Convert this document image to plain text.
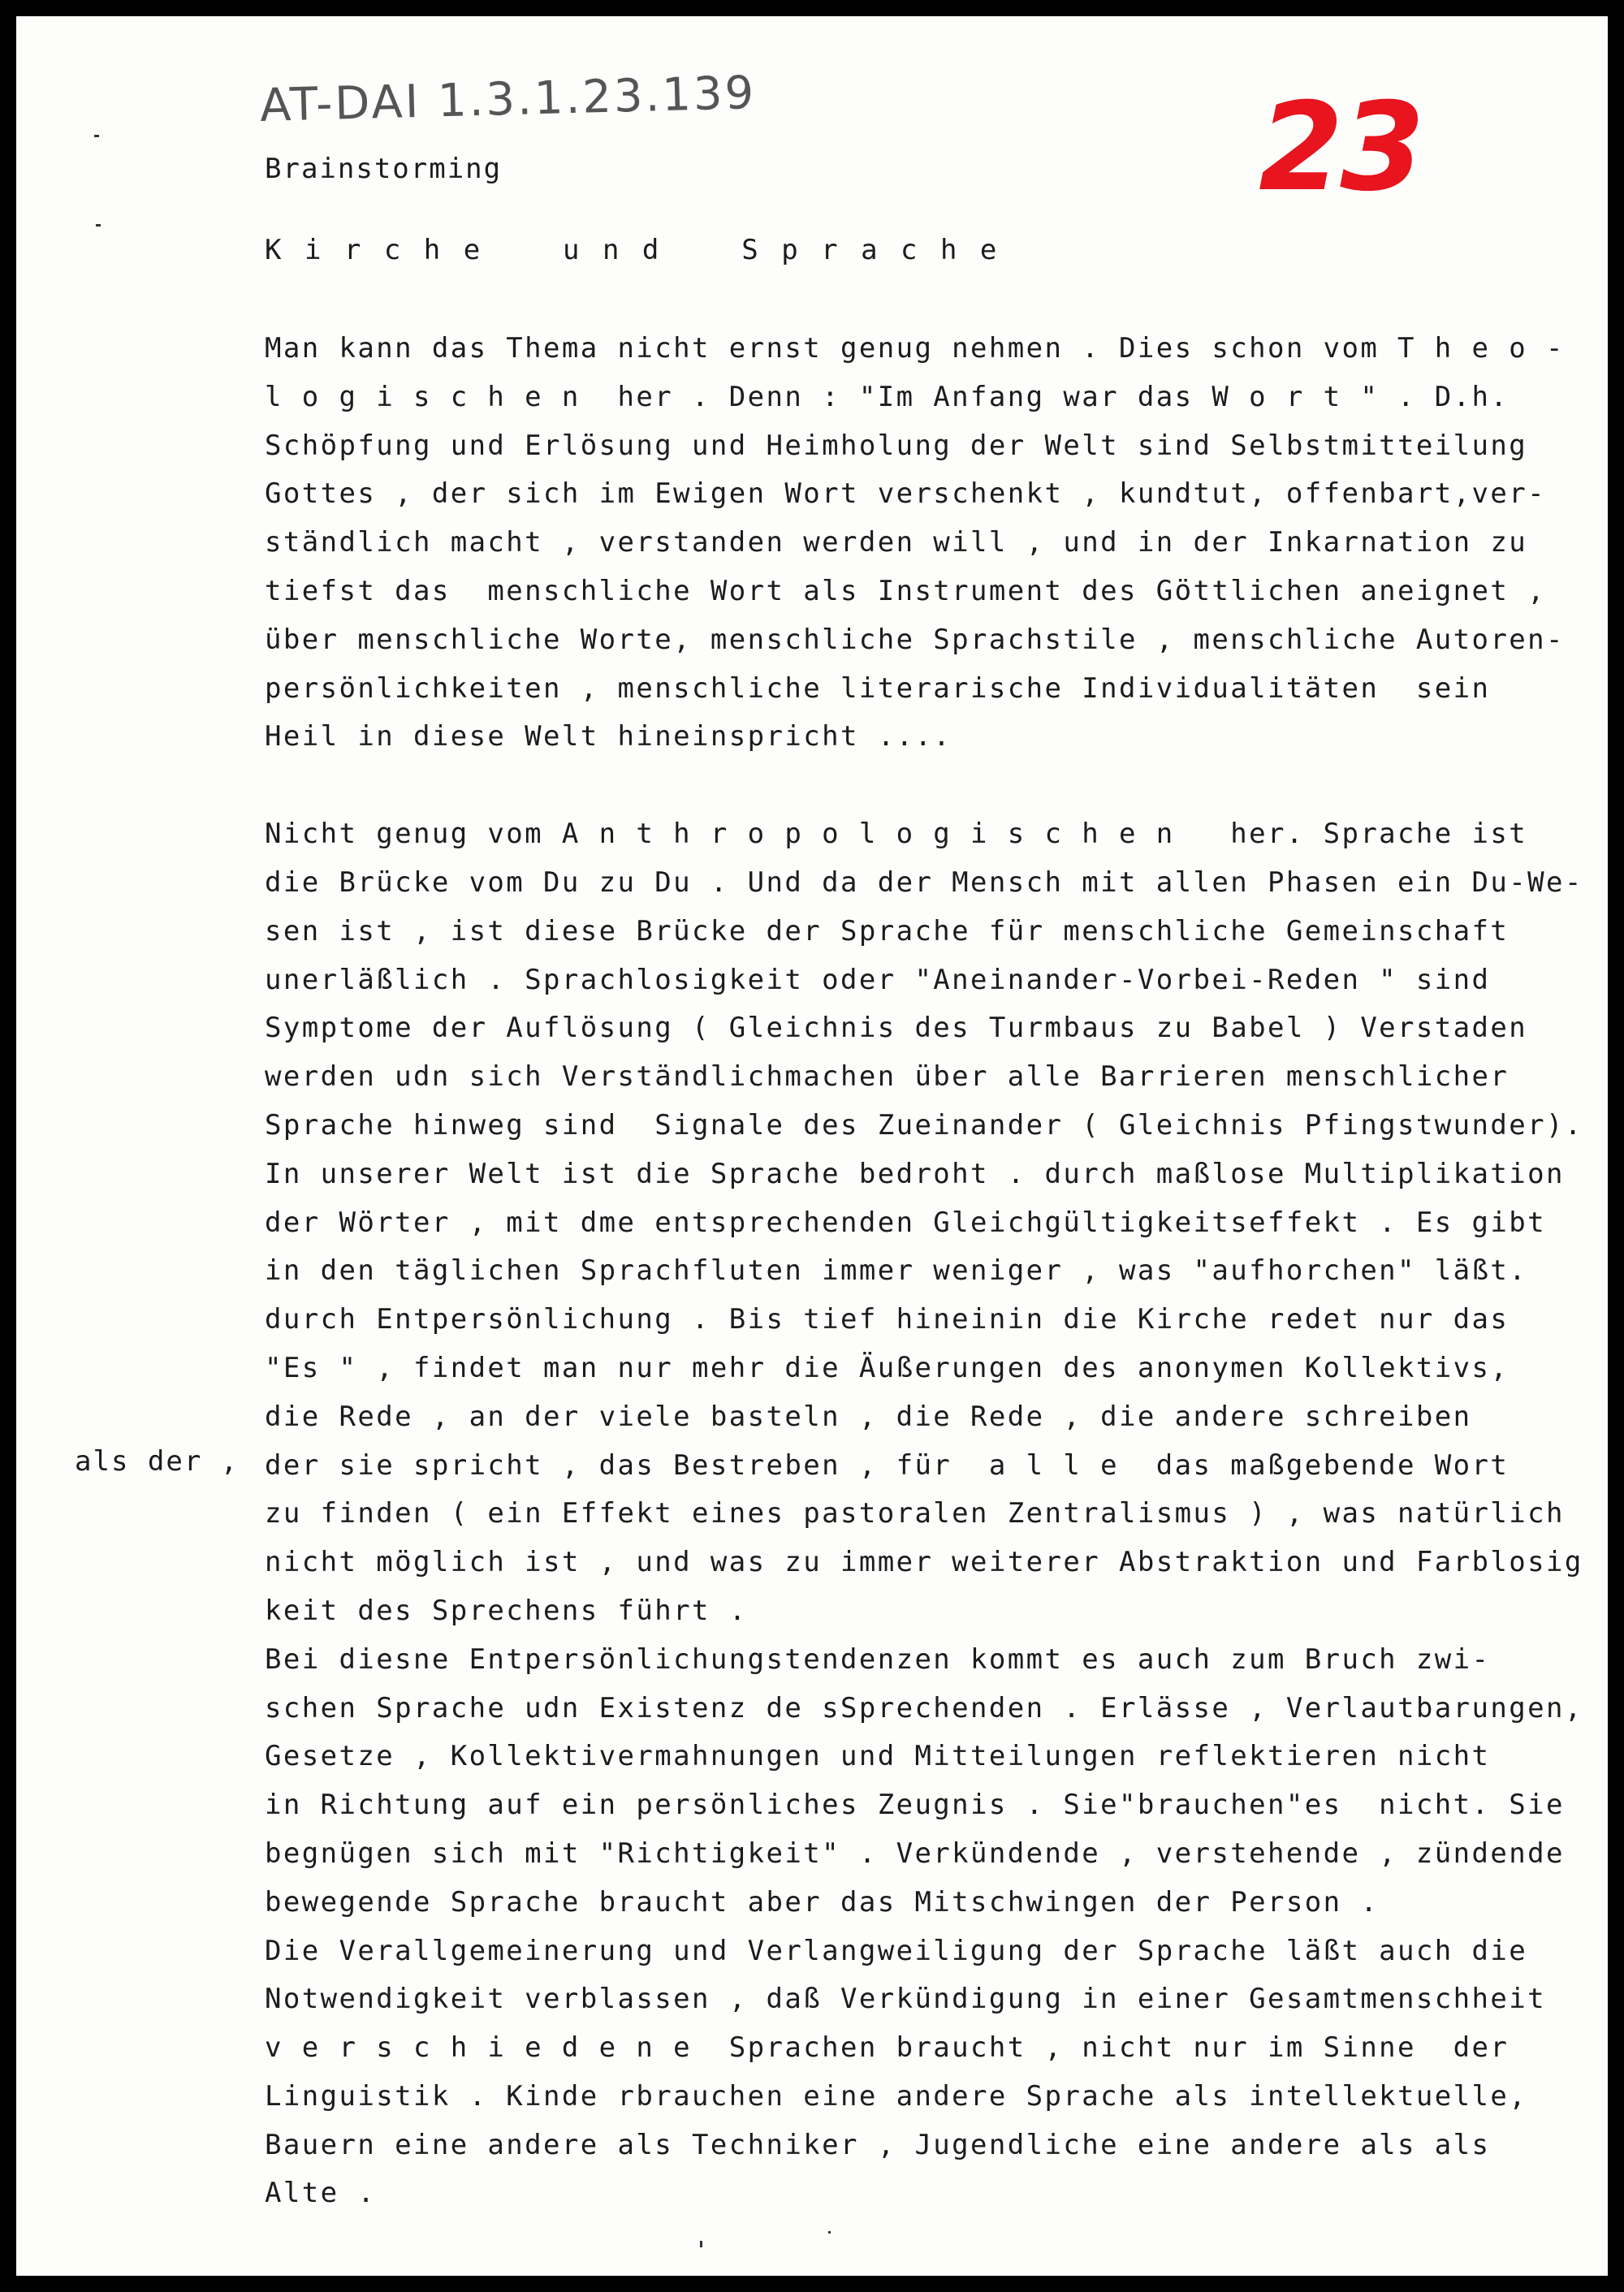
AT-DAI 1.3.1.23.139	23
Brainstorming
K i r c h e    u n d    S p r a c h e
als der ,
Man kann das Thema nicht ernst genug nehmen . Dies schon vom T h e o -
l o g i s c h e n  her . Denn : "Im Anfang war das W o r t " . D.h.
Schöpfung und Erlösung und Heimholung der Welt sind Selbstmitteilung
Gottes , der sich im Ewigen Wort verschenkt , kundtut, offenbart,ver-
ständlich macht , verstanden werden will , und in der Inkarnation zu
tiefst das  menschliche Wort als Instrument des Göttlichen aneignet ,
über menschliche Worte, menschliche Sprachstile , menschliche Autoren-
persönlichkeiten , menschliche literarische Individualitäten  sein
Heil in diese Welt hineinspricht ....
Nicht genug vom A n t h r o p o l o g i s c h e n   her. Sprache ist
die Brücke vom Du zu Du . Und da der Mensch mit allen Phasen ein Du-We-
sen ist , ist diese Brücke der Sprache für menschliche Gemeinschaft
unerläßlich . Sprachlosigkeit oder "Aneinander-Vorbei-Reden " sind
Symptome der Auflösung ( Gleichnis des Turmbaus zu Babel ) Verstaden
werden udn sich Verständlichmachen über alle Barrieren menschlicher
Sprache hinweg sind  Signale des Zueinander ( Gleichnis Pfingstwunder).
In unserer Welt ist die Sprache bedroht . durch maßlose Multiplikation
der Wörter , mit dme entsprechenden Gleichgültigkeitseffekt . Es gibt
in den täglichen Sprachfluten immer weniger , was "aufhorchen" läßt.
durch Entpersönlichung . Bis tief hineinin die Kirche redet nur das
"Es " , findet man nur mehr die Äußerungen des anonymen Kollektivs,
die Rede , an der viele basteln , die Rede , die andere schreiben
der sie spricht , das Bestreben , für  a l l e  das maßgebende Wort
zu finden ( ein Effekt eines pastoralen Zentralismus ) , was natürlich
nicht möglich ist , und was zu immer weiterer Abstraktion und Farblosig
keit des Sprechens führt .
Bei diesne Entpersönlichungstendenzen kommt es auch zum Bruch zwi-
schen Sprache udn Existenz de sSprechenden . Erlässe , Verlautbarungen,
Gesetze , Kollektivermahnungen und Mitteilungen reflektieren nicht
in Richtung auf ein persönliches Zeugnis . Sie"brauchen"es  nicht. Sie
begnügen sich mit "Richtigkeit" . Verkündende , verstehende , zündende
bewegende Sprache braucht aber das Mitschwingen der Person .
Die Verallgemeinerung und Verlangweiligung der Sprache läßt auch die
Notwendigkeit verblassen , daß Verkündigung in einer Gesamtmenschheit
v e r s c h i e d e n e  Sprachen braucht , nicht nur im Sinne  der
Linguistik . Kinde rbrauchen eine andere Sprache als intellektuelle,
Bauern eine andere als Techniker , Jugendliche eine andere als als
Alte .
